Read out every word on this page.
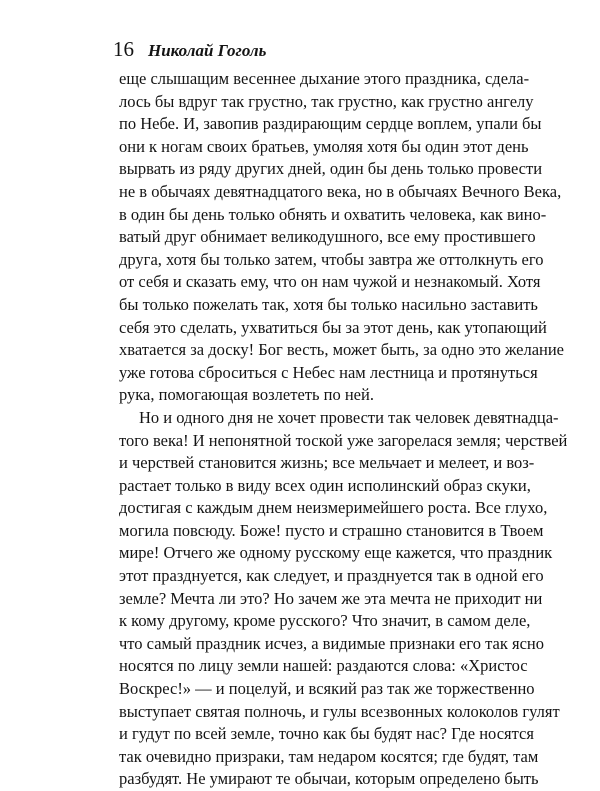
16 Николай Гоголь
еще слышащим весеннее дыхание этого праздника, сдела-
лось бы вдруг так грустно, так грустно, как грустно ангелу
по Небе. И, завопив раздирающим сердце воплем, упали бы
они к ногам своих братьев, умоляя хотя бы один этот день
вырвать из ряду других дней, один бы день только провести
не в обычаях девятнадцатого века, но в обычаях Вечного Века,
в один бы день только обнять и охватить человека, как вино-
ватый друг обнимает великодушного, все ему простившего
друга, хотя бы только затем, чтобы завтра же оттолкнуть его
от себя и сказать ему, что он нам чужой и незнакомый. Хотя
бы только пожелать так, хотя бы только насильно заставить
себя это сделать, ухватиться бы за этот день, как утопающий
хватается за доску! Бог весть, может быть, за одно это желание
уже готова сброситься с Небес нам лестница и протянуться
рука, помогающая возлететь по ней.
Но и одного дня не хочет провести так человек девятнадца-
того века! И непонятной тоской уже загорелася земля; черствей
и черствей становится жизнь; все мельчает и мелеет, и воз-
растает только в виду всех один исполинский образ скуки,
достигая с каждым днем неизмеримейшего роста. Все глухо,
могила повсюду. Боже! пусто и страшно становится в Твоем
мире! Отчего же одному русскому еще кажется, что праздник
этот празднуется, как следует, и празднуется так в одной его
земле? Мечта ли это? Но зачем же эта мечта не приходит ни
к кому другому, кроме русского? Что значит, в самом деле,
что самый праздник исчез, а видимые признаки его так ясно
носятся по лицу земли нашей: раздаются слова: «Христос
Воскрес!» — и поцелуй, и всякий раз так же торжественно
выступает святая полночь, и гулы всезвонных колоколов гулят
и гудут по всей земле, точно как бы будят нас? Где носятся
так очевидно призраки, там недаром косятся; где будят, там
разбудят. Не умирают те обычаи, которым определено быть
